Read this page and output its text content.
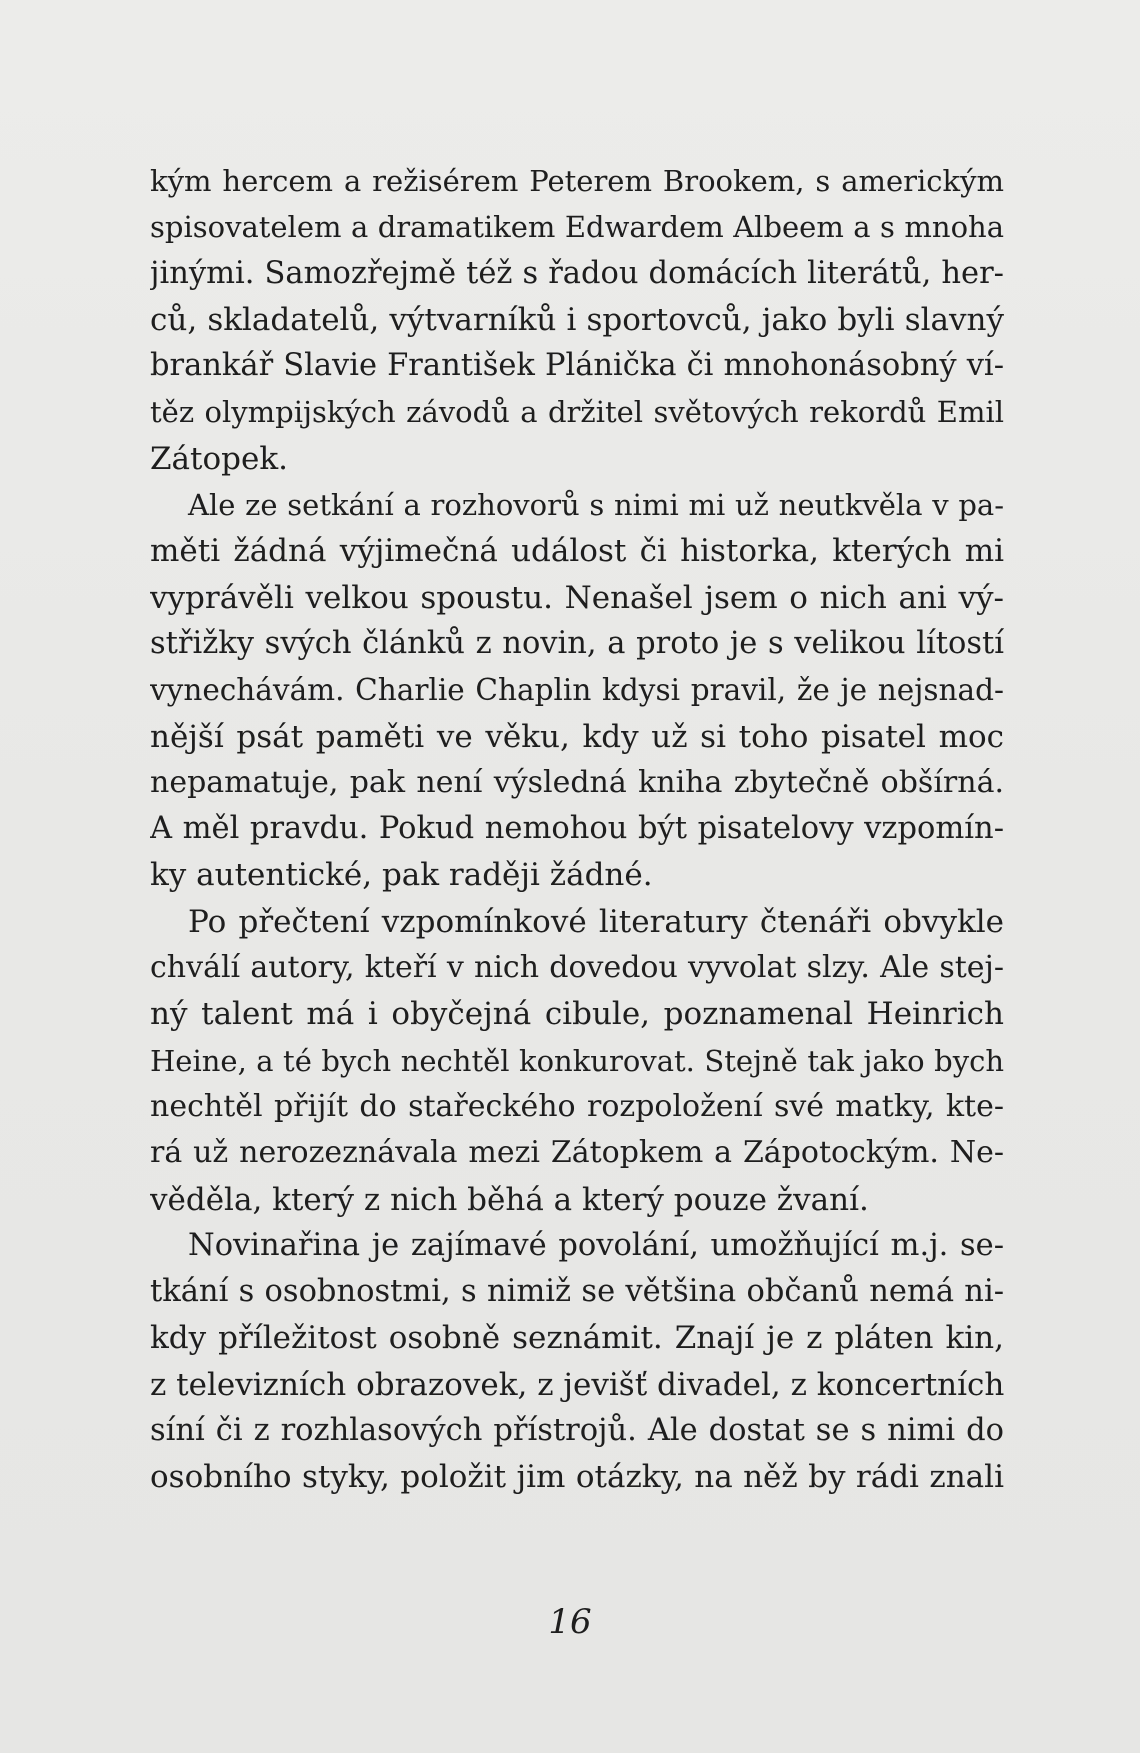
kým hercem a režisérem Peterem Brookem, s americkým
spisovatelem a dramatikem Edwardem Albeem a s mnoha
jinými. Samozřejmě též s řadou domácích literátů, her-
ců, skladatelů, výtvarníků i sportovců, jako byli slavný
brankář Slavie František Plánička či mnohonásobný ví-
těz olympijských závodů a držitel světových rekordů Emil
Zátopek.
Ale ze setkání a rozhovorů s nimi mi už neutkvěla v pa-
měti žádná výjimečná událost či historka, kterých mi
vyprávěli velkou spoustu. Nenašel jsem o nich ani vý-
střižky svých článků z novin, a proto je s velikou lítostí
vynechávám. Charlie Chaplin kdysi pravil, že je nejsnad-
nější psát paměti ve věku, kdy už si toho pisatel moc
nepamatuje, pak není výsledná kniha zbytečně obšírná.
A měl pravdu. Pokud nemohou být pisatelovy vzpomín-
ky autentické, pak raději žádné.
Po přečtení vzpomínkové literatury čtenáři obvykle
chválí autory, kteří v nich dovedou vyvolat slzy. Ale stej-
ný talent má i obyčejná cibule, poznamenal Heinrich
Heine, a té bych nechtěl konkurovat. Stejně tak jako bych
nechtěl přijít do stařeckého rozpoložení své matky, kte-
rá už nerozeznávala mezi Zátopkem a Zápotockým. Ne-
věděla, který z nich běhá a který pouze žvaní.
Novinařina je zajímavé povolání, umožňující m.j. se-
tkání s osobnostmi, s nimiž se většina občanů nemá ni-
kdy příležitost osobně seznámit. Znají je z pláten kin,
z televizních obrazovek, z jevišť divadel, z koncertních
síní či z rozhlasových přístrojů. Ale dostat se s nimi do
osobního styky, položit jim otázky, na něž by rádi znali
16
